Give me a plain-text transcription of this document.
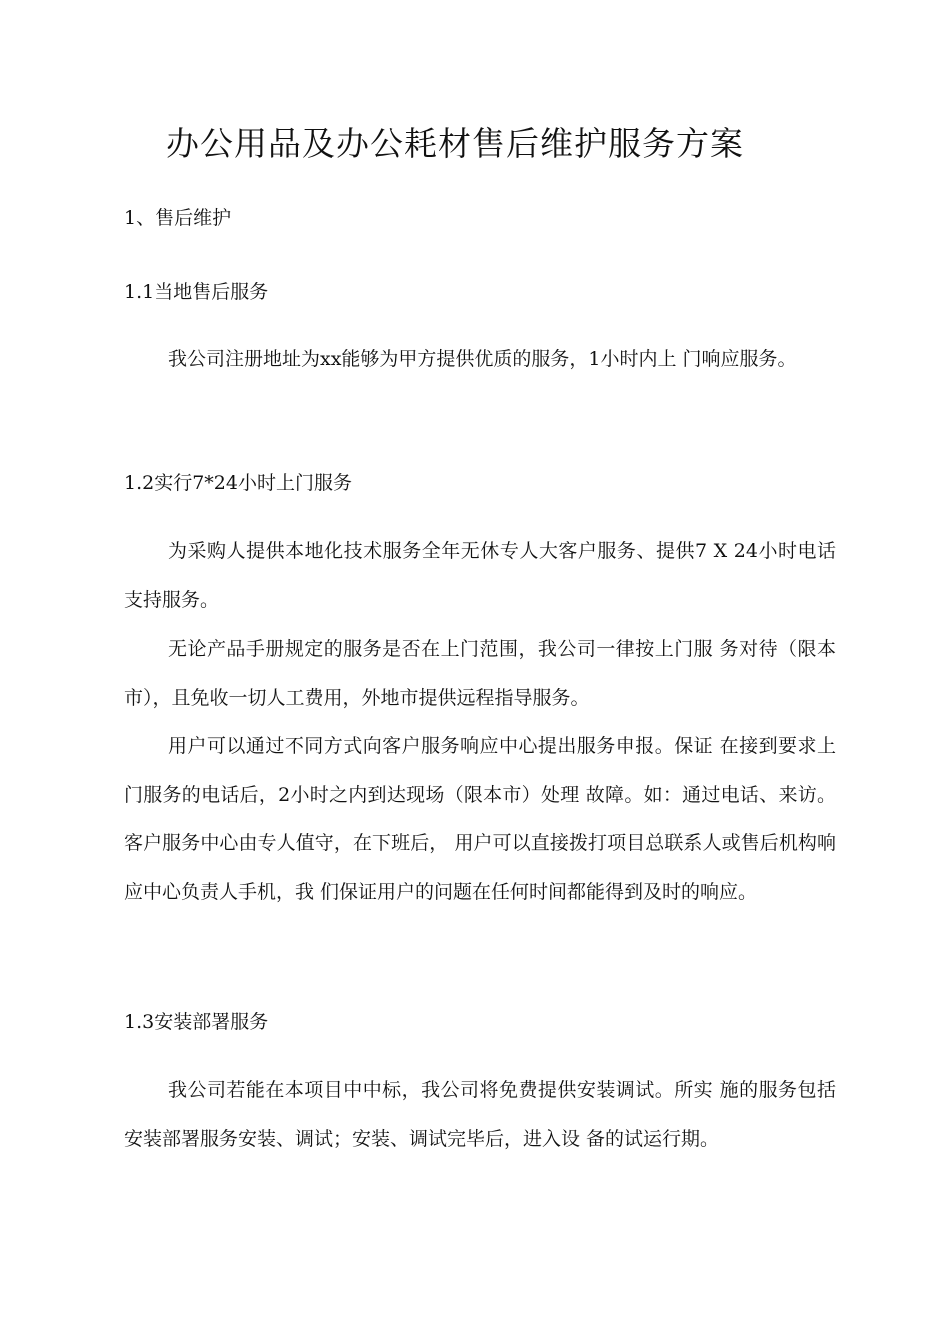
办公用品及办公耗材售后维护服务方案
1、售后维护
1.1当地售后服务

我公司注册地址为xx能够为甲方提供优质的服务，1小时内上 门响应服务。

1.2实行7*24小时上门服务

为采购人提供本地化技术服务全年无休专人大客户服务、提供7 X 24小时电话支持服务。

无论产品手册规定的服务是否在上门范围，我公司一律按上门服 务对待（限本市），且免收一切人工费用，外地市提供远程指导服务。

用户可以通过不同方式向客户服务响应中心提出服务申报。保证 在接到要求上门服务的电话后，2小时之内到达现场（限本市）处理 故障。如：通过电话、来访。客户服务中心由专人值守，在下班后， 用户可以直接拨打项目总联系人或售后机构响应中心负责人手机，我 们保证用户的问题在任何时间都能得到及时的响应。

1.3安装部署服务

我公司若能在本项目中中标，我公司将免费提供安装调试。所实 施的服务包括安装部署服务安装、调试；安装、调试完毕后，进入设 备的试运行期。
